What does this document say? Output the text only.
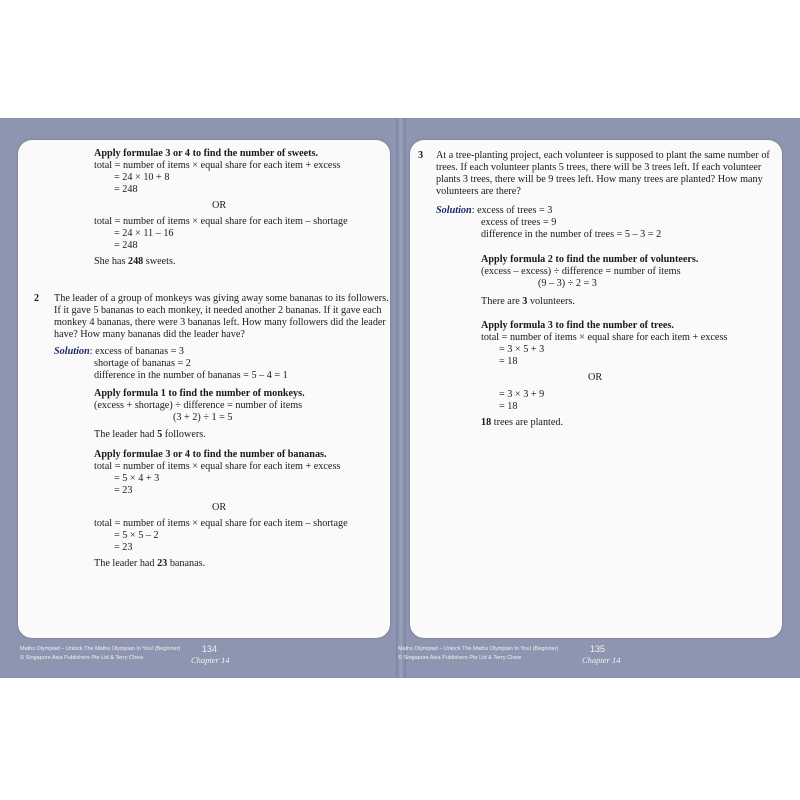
Apply formulae 3 or 4 to find the number of sweets.
total = number of items × equal share for each item + excess
= 24 × 10 + 8
= 248
OR
total = number of items × equal share for each item – shortage
= 24 × 11 – 16
= 248
She has 248 sweets.
2 The leader of a group of monkeys was giving away some bananas to its followers.
If it gave 5 bananas to each monkey, it needed another 2 bananas. If it gave each
monkey 4 bananas, there were 3 bananas left. How many followers did the leader
have? How many bananas did the leader have?
Solution: excess of bananas = 3
shortage of bananas = 2
difference in the number of bananas = 5 – 4 = 1
Apply formula 1 to find the number of monkeys.
(excess + shortage) ÷ difference = number of items
(3 + 2) ÷ 1 = 5
The leader had 5 followers.
Apply formulae 3 or 4 to find the number of bananas.
total = number of items × equal share for each item + excess
= 5 × 4 + 3
= 23
OR
total = number of items × equal share for each item – shortage
= 5 × 5 – 2
= 23
The leader had 23 bananas.
Maths Olympiad – Unlock The Maths Olympian In You! (Beginner)
© Singapore Asia Publishers Pte Ltd & Terry Chew
134
Chapter 14
3 At a tree-planting project, each volunteer is supposed to plant the same number of
trees. If each volunteer plants 5 trees, there will be 3 trees left. If each volunteer
plants 3 trees, there will be 9 trees left. How many trees are planted? How many
volunteers are there?
Solution: excess of trees = 3
excess of trees = 9
difference in the number of trees = 5 – 3 = 2
Apply formula 2 to find the number of volunteers.
(excess – excess) ÷ difference = number of items
(9 – 3) ÷ 2 = 3
There are 3 volunteers.
Apply formula 3 to find the number of trees.
total = number of items × equal share for each item + excess
= 3 × 5 + 3
= 18
OR
= 3 × 3 + 9
= 18
18 trees are planted.
Maths Olympiad – Unlock The Maths Olympian In You! (Beginner)
© Singapore Asia Publishers Pte Ltd & Terry Chew
135
Chapter 14
